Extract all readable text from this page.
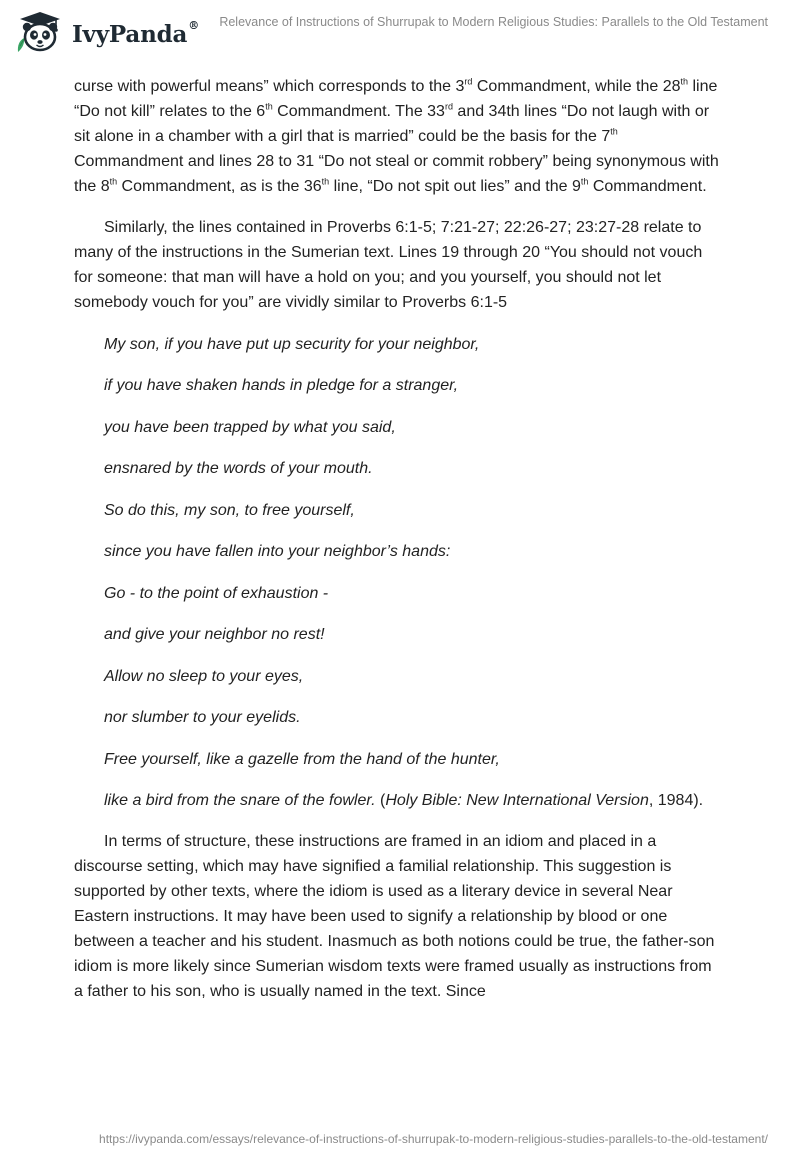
IvyPanda® Relevance of Instructions of Shurrupak to Modern Religious Studies: Parallels to the Old Testament

curse with powerful means” which corresponds to the 3rd Commandment, while the 28th line “Do not kill” relates to the 6th Commandment. The 33rd and 34th lines “Do not laugh with or sit alone in a chamber with a girl that is married” could be the basis for the 7th Commandment and lines 28 to 31 “Do not steal or commit robbery” being synonymous with the 8th Commandment, as is the 36th line, “Do not spit out lies” and the 9th Commandment.

Similarly, the lines contained in Proverbs 6:1-5; 7:21-27; 22:26-27; 23:27-28 relate to many of the instructions in the Sumerian text. Lines 19 through 20 “You should not vouch for someone: that man will have a hold on you; and you yourself, you should not let somebody vouch for you” are vividly similar to Proverbs 6:1-5

My son, if you have put up security for your neighbor,

if you have shaken hands in pledge for a stranger,

you have been trapped by what you said,

ensnared by the words of your mouth.

So do this, my son, to free yourself,

since you have fallen into your neighbor’s hands:

Go - to the point of exhaustion -

and give your neighbor no rest!

Allow no sleep to your eyes,

nor slumber to your eyelids.

Free yourself, like a gazelle from the hand of the hunter,

like a bird from the snare of the fowler. (Holy Bible: New International Version, 1984).

In terms of structure, these instructions are framed in an idiom and placed in a discourse setting, which may have signified a familial relationship. This suggestion is supported by other texts, where the idiom is used as a literary device in several Near Eastern instructions. It may have been used to signify a relationship by blood or one between a teacher and his student. Inasmuch as both notions could be true, the father-son idiom is more likely since Sumerian wisdom texts were framed usually as instructions from a father to his son, who is usually named in the text. Since

https://ivypanda.com/essays/relevance-of-instructions-of-shurrupak-to-modern-religious-studies-parallels-to-the-old-testament/
